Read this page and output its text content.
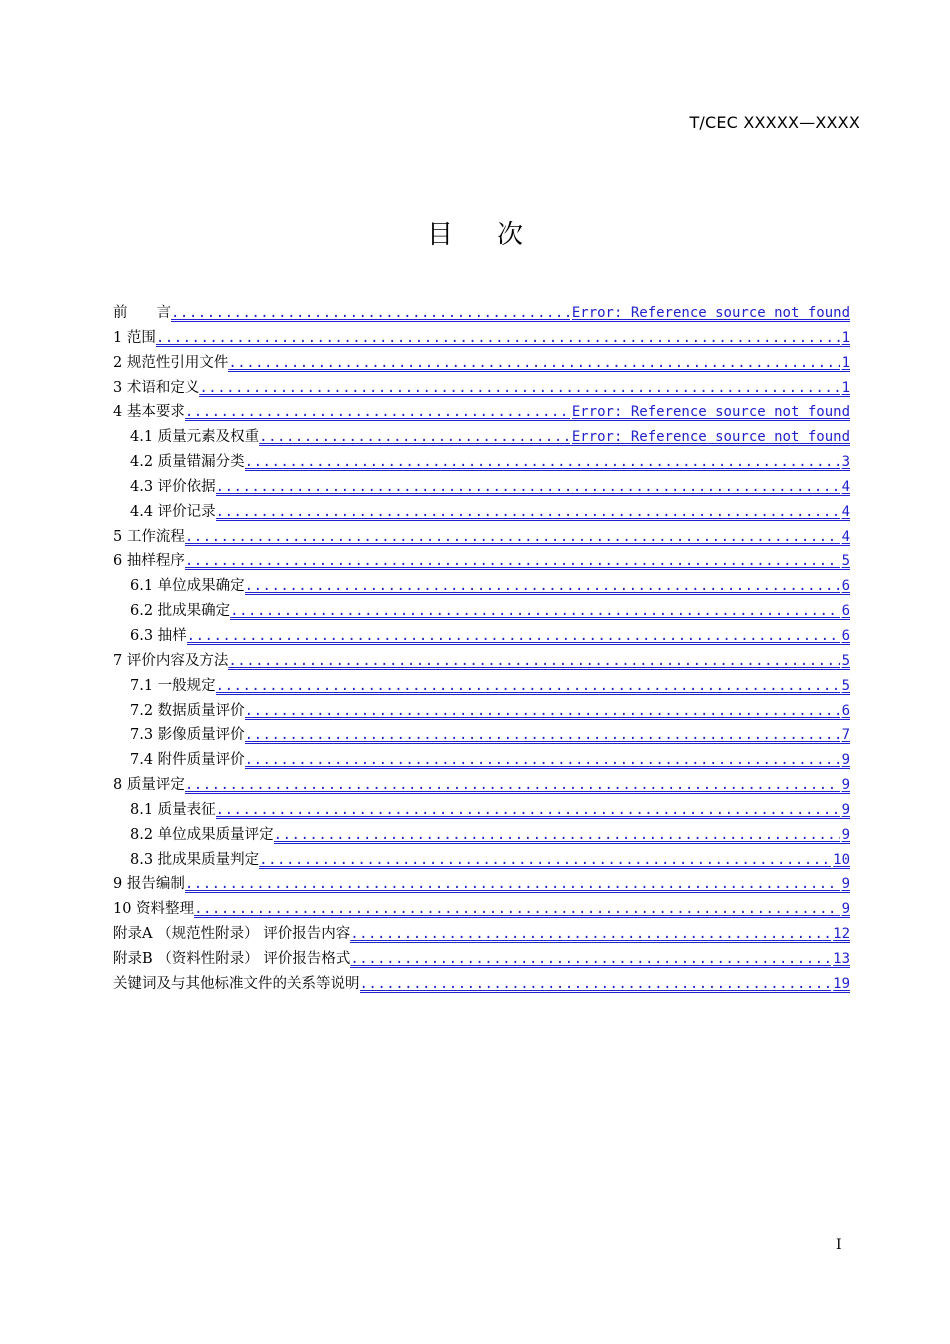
T/CEC XXXXX—XXXX
目 次
前　　言 .....	Error: Reference source not found
1 范围 .....	1
2 规范性引用文件 .....	1
3 术语和定义 .....	1
4 基本要求 .....	Error: Reference source not found
4.1 质量元素及权重 .....	Error: Reference source not found
4.2 质量错漏分类 .....	3
4.3 评价依据 .....	4
4.4 评价记录 .....	4
5 工作流程 .....	4
6 抽样程序 .....	5
6.1 单位成果确定 .....	6
6.2 批成果确定 .....	6
6.3 抽样 .....	6
7 评价内容及方法 .....	5
7.1 一般规定 .....	5
7.2 数据质量评价 .....	6
7.3 影像质量评价 .....	7
7.4 附件质量评价 .....	9
8 质量评定 .....	9
8.1 质量表征 .....	9
8.2 单位成果质量评定 .....	9
8.3 批成果质量判定 .....	10
9 报告编制 .....	9
10 资料整理 .....	9
附录A （规范性附录） 评价报告内容 .....	12
附录B （资料性附录） 评价报告格式 .....	13
关键词及与其他标准文件的关系等说明 .....	19
I
